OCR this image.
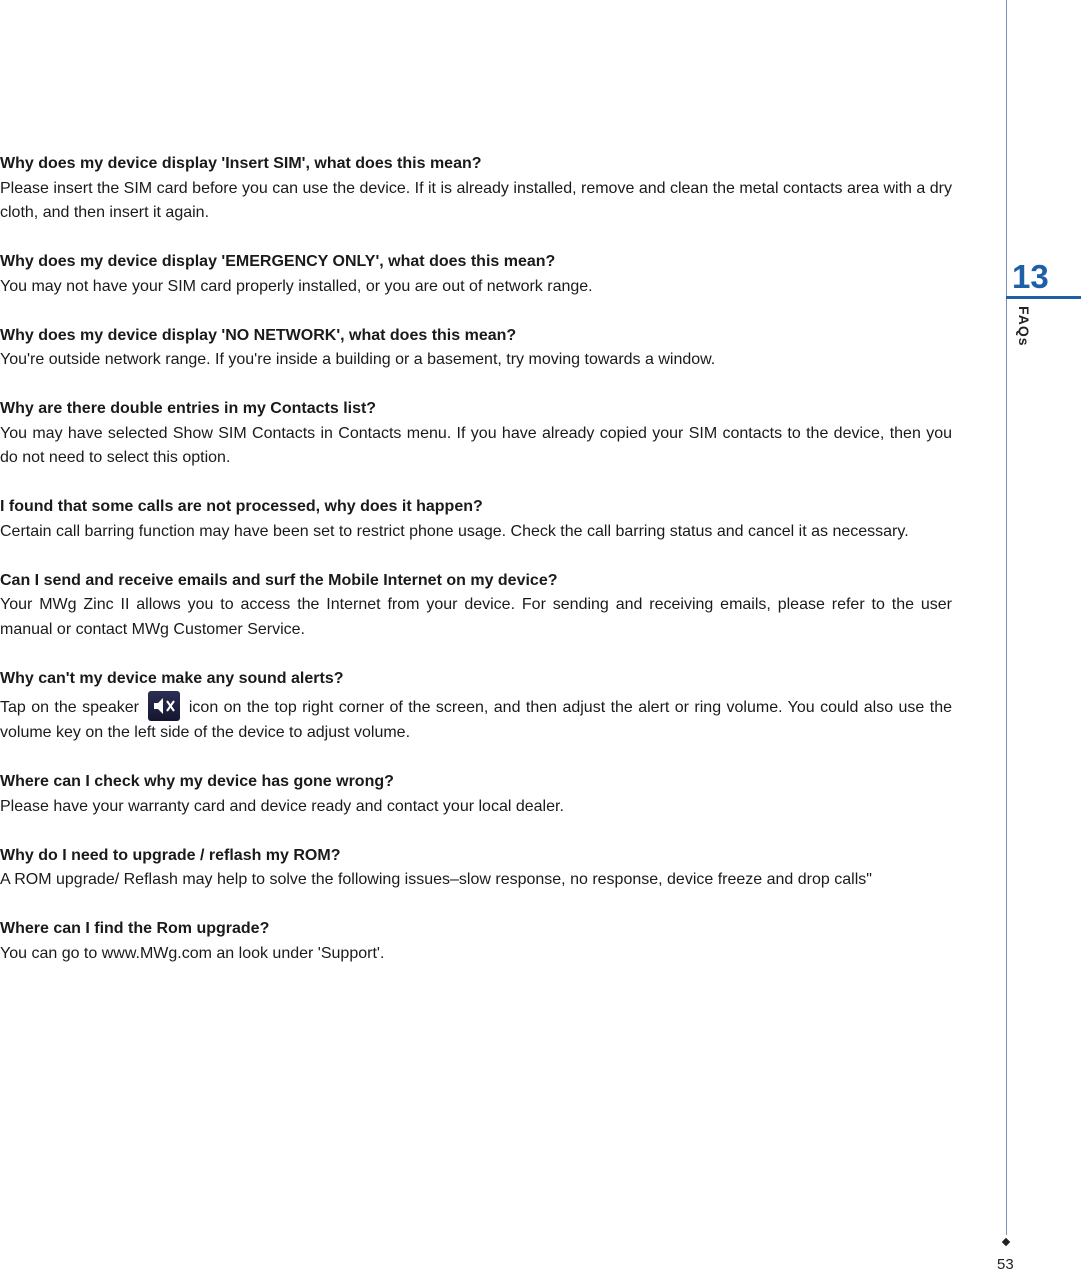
Why does my device display 'Insert SIM', what does this mean?

Please insert the SIM card before you can use the device. If it is already installed, remove and clean the metal contacts area with a dry cloth, and then insert it again.

Why does my device display 'EMERGENCY ONLY', what does this mean?

You may not have your SIM card properly installed, or you are out of network range.

Why does my device display 'NO NETWORK', what does this mean?

You're outside network range. If you're inside a building or a basement, try moving towards a window.

Why are there double entries in my Contacts list?

You may have selected Show SIM Contacts in Contacts menu. If you have already copied your SIM contacts to the device, then you do not need to select this option.

I found that some calls are not processed, why does it happen?

Certain call barring function may have been set to restrict phone usage. Check the call barring status and cancel it as necessary.

Can I send and receive emails and surf the Mobile Internet on my device?

Your MWg Zinc II allows you to access the Internet from your device. For sending and receiving emails, please refer to the user manual or contact MWg Customer Service.

Why can't my device make any sound alerts?

Tap on the speaker	icon on the top right corner of the screen, and then adjust the alert or ring volume. You could also use the volume key on the left side of the device to adjust volume.

Where can I check why my device has gone wrong?

Please have your warranty card and device ready and contact your local dealer.

Why do I need to upgrade / reflash my ROM?

A ROM upgrade/ Reflash may help to solve the following issues–slow response, no response, device freeze and drop calls"

Where can I find the Rom upgrade?

You can go to www.MWg.com an look under 'Support'.

13
FAQs
53
